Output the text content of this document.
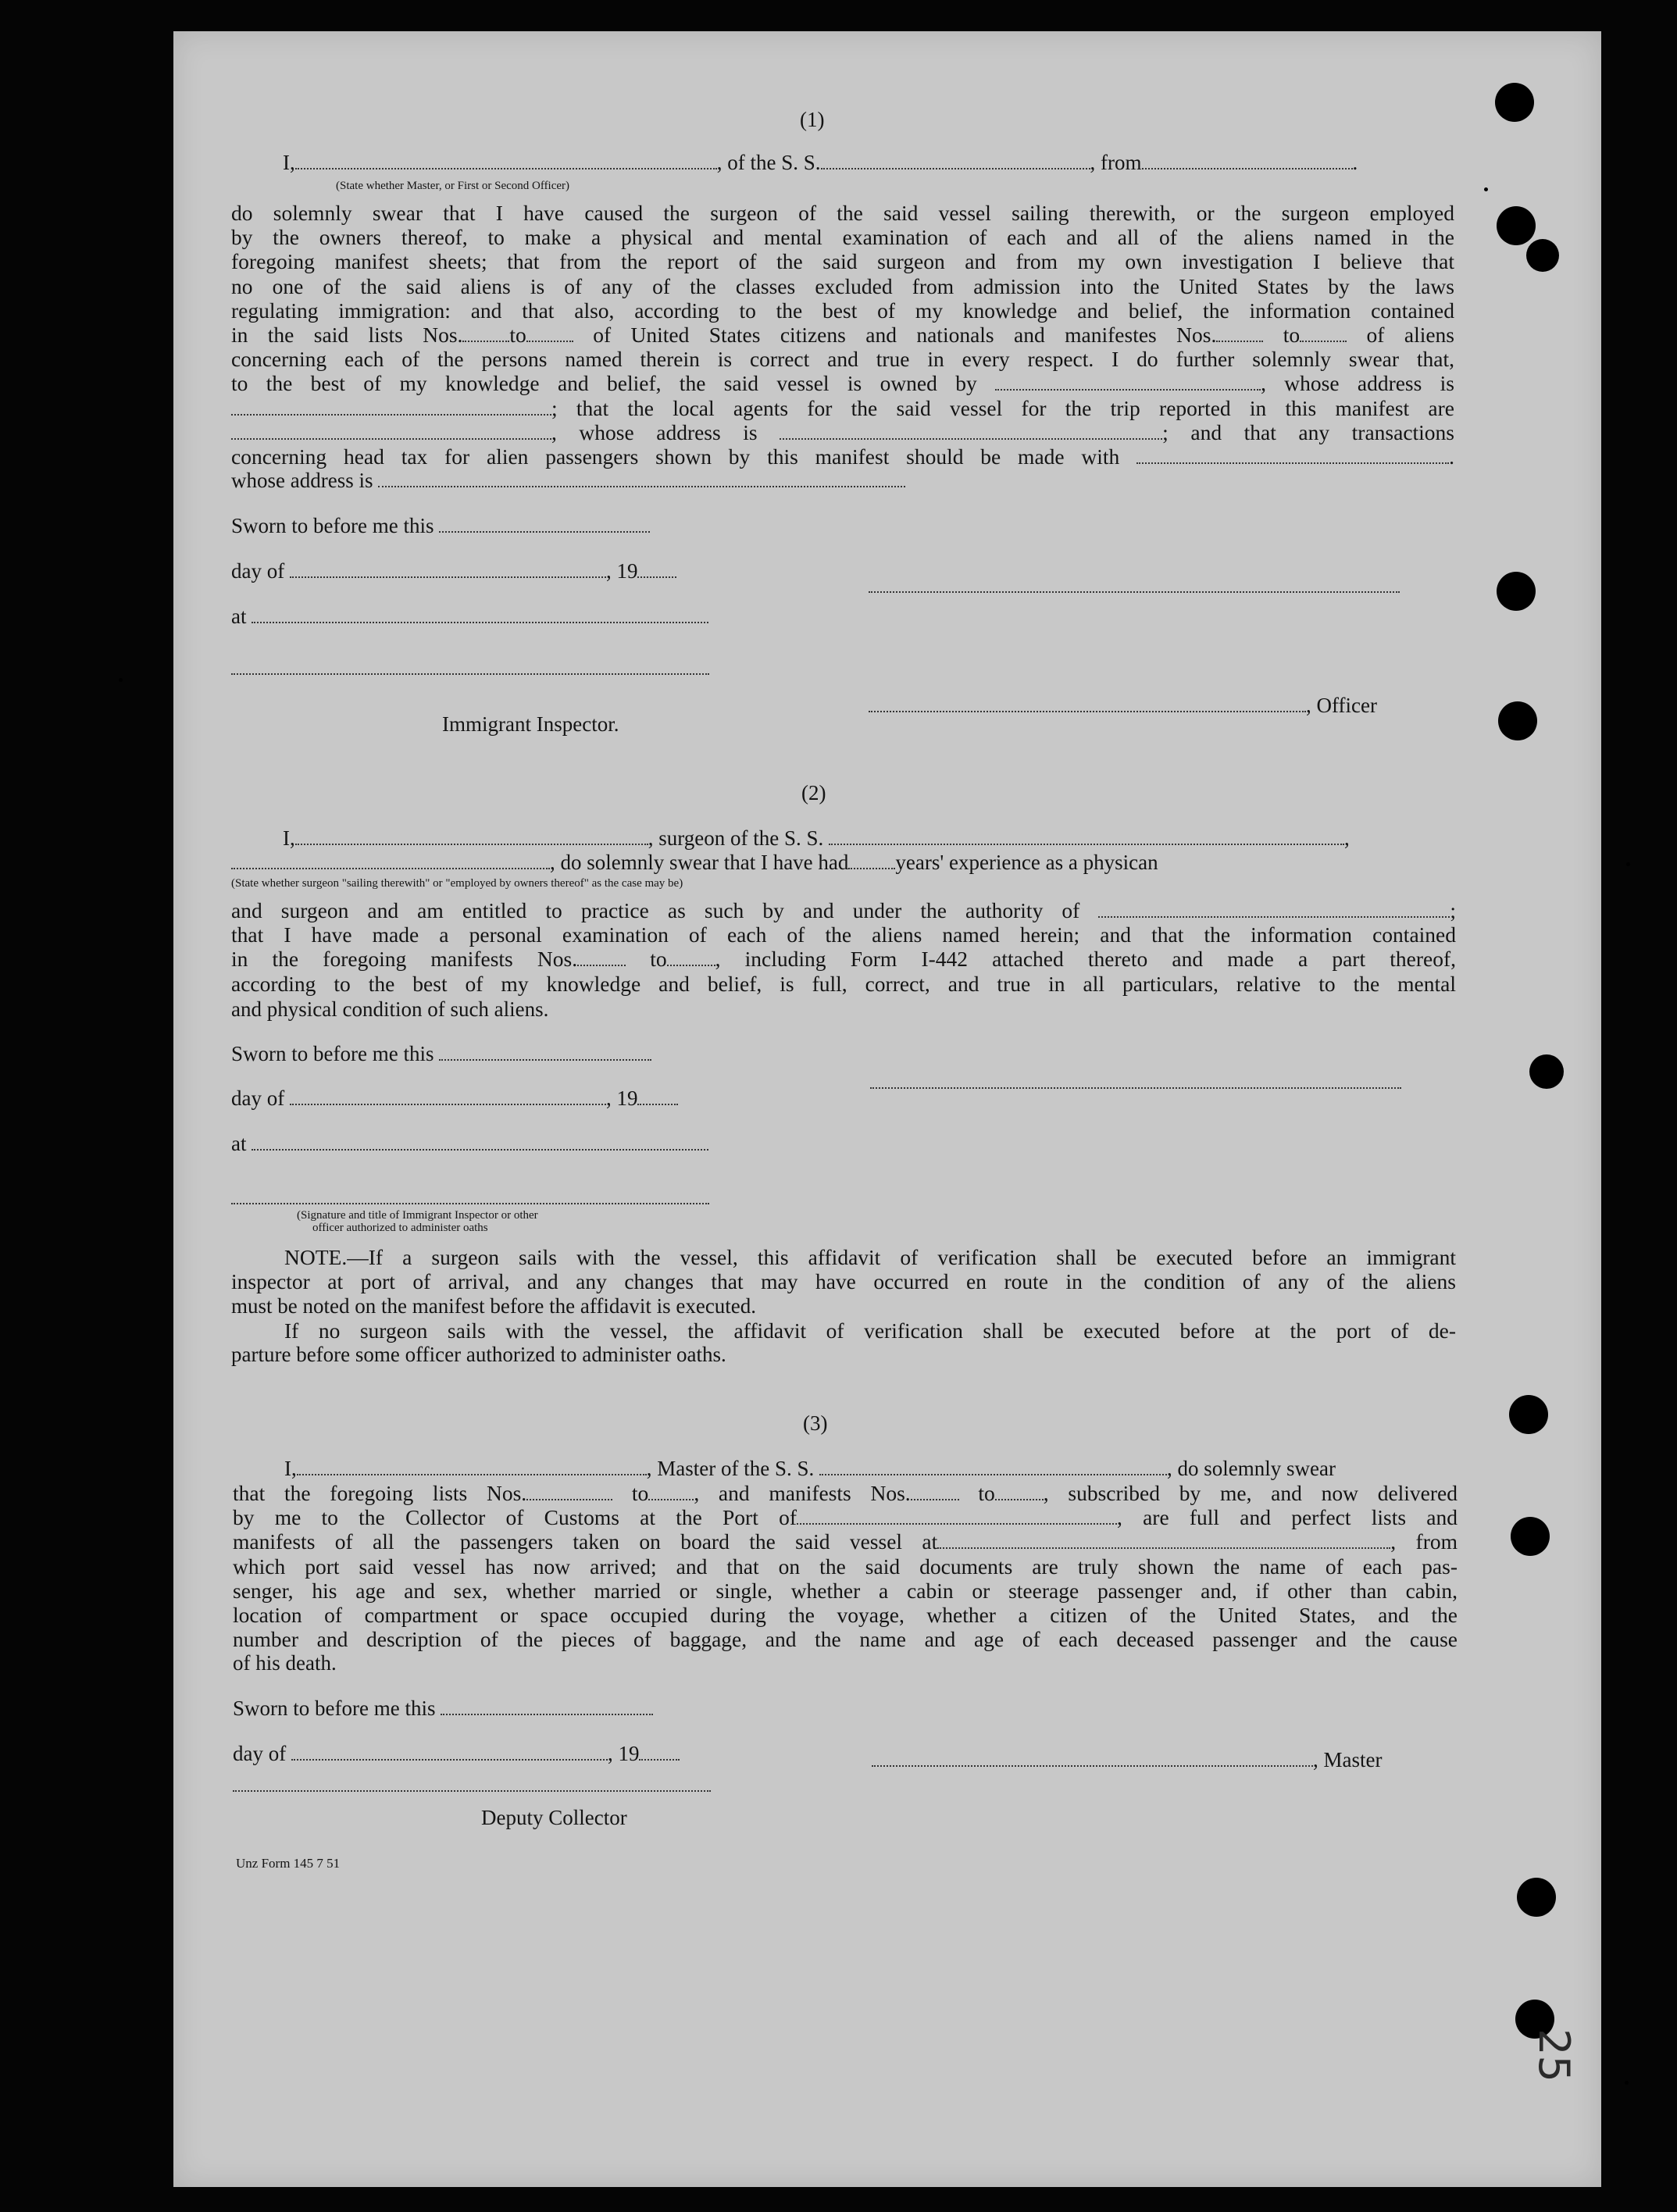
(1)
I,	, of the S. S.	, from	.
(State whether Master, or First or Second Officer)
do solemnly swear that I have caused the surgeon of the said vessel sailing therewith, or the surgeon employed
by the owners thereof, to make a physical and mental examination of each and all of the aliens named in the
foregoing manifest sheets; that from the report of the said surgeon and from my own investigation I believe that
no one of the said aliens is of any of the classes excluded from admission into the United States by the laws
regulating immigration: and that also, according to the best of my knowledge and belief, the information contained
in the said lists Nos. to	of United States citizens and nationals and manifestes Nos.	to	of aliens
concerning each of the persons named therein is correct and true in every respect. I do further solemnly swear that,
to the best of my knowledge and belief, the said vessel is owned by	, whose address is
; that the local agents for the said vessel for the trip reported in this manifest are
, whose address is	; and that any transactions
concerning head tax for alien passengers shown by this manifest should be made with	.
whose address is
Sworn to before me this
day of	, 19
at
, Officer
Immigrant Inspector.
(2)
I,	, surgeon of the S. S.	,
, do solemnly swear that I have had years' experience as a physican
(State whether surgeon "sailing therewith" or "employed by owners thereof" as the case may be)
and surgeon and am entitled to practice as such by and under the authority of	;
that I have made a personal examination of each of the aliens named herein; and that the information contained
in the foregoing manifests Nos.	to , including Form I-442 attached thereto and made a part thereof,
according to the best of my knowledge and belief, is full, correct, and true in all particulars, relative to the mental
and physical condition of such aliens.
Sworn to before me this
day of	, 19
at
(Signature and title of Immigrant Inspector or other
officer authorized to administer oaths
NOTE.—If a surgeon sails with the vessel, this affidavit of verification shall be executed before an immigrant
inspector at port of arrival, and any changes that may have occurred en route in the condition of any of the aliens
must be noted on the manifest before the affidavit is executed.
If no surgeon sails with the vessel, the affidavit of verification shall be executed before at the port of de-
parture before some officer authorized to administer oaths.
(3)
I,	, Master of the S. S.	, do solemnly swear
that the foregoing lists Nos.	to , and manifests Nos.	to , subscribed by me, and now delivered
by me to the Collector of Customs at the Port of	, are full and perfect lists and
manifests of all the passengers taken on board the said vessel at	, from
which port said vessel has now arrived; and that on the said documents are truly shown the name of each pas-
senger, his age and sex, whether married or single, whether a cabin or steerage passenger and, if other than cabin,
location of compartment or space occupied during the voyage, whether a citizen of the United States, and the
number and description of the pieces of baggage, and the name and age of each deceased passenger and the cause
of his death.
Sworn to before me this
day of	, 19	, Master
Deputy Collector
Unz Form 145 7 51
25
